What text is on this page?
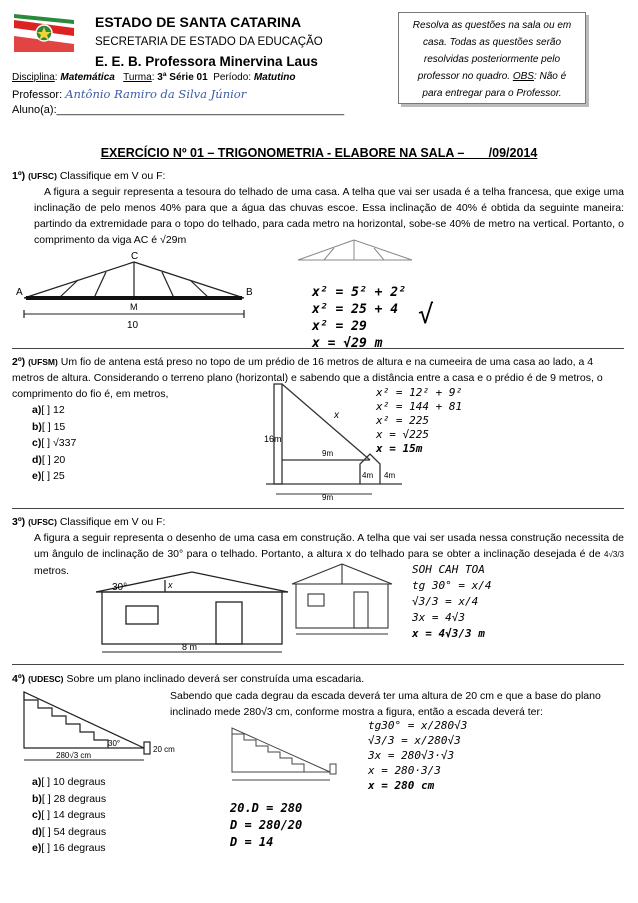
ESTADO DE SANTA CATARINA
SECRETARIA DE ESTADO DA EDUCAÇÃO
E. E. B. Professora Minervina Laus
Disciplina: Matemática Turma: 3ª Série 01 Período: Matutino
Professor: Antônio Ramiro da Silva Júnior
Aluno(a):_______________________________________________
Resolva as questões na sala ou em
casa. Todas as questões serão
resolvidas posteriormente pelo
professor no quadro. OBS: Não é
para entregar para o Professor.
EXERCÍCIO Nº 01 – TRIGONOMETRIA - ELABORE NA SALA – ___/09/2014
1º) (UFSC) Classifique em V ou F:
A figura a seguir representa a tesoura do telhado de uma casa. A telha que vai ser usada é a telha francesa, que exige uma inclinação de pelo menos 40% para que a água das chuvas escoe. Essa inclinação de 40% é obtida da seguinte maneira: partindo da extremidade para o topo do telhado, para cada metro na horizontal, sobe-se 40% de metro na vertical. Portanto, o comprimento da viga AC é √29m
C
A	B
M
10
x² = 5² + 2²
x² = 25 + 4
x² = 29
x = √29 m
√
2º) (UFSM) Um fio de antena está preso no topo de um prédio de 16 metros de altura e na cumeeira de uma casa ao lado, a 4 metros de altura. Considerando o terreno plano (horizontal) e sabendo que a distância entre a casa e o prédio é de 9 metros, o comprimento do fio é, em metros,
a)[ ] 12
b)[ ] 15
c)[ ] √337
d)[ ] 20
e)[ ] 25
16m
x
9m
9m
4m 4m
x² = 12² + 9²
x² = 144 + 81
x² = 225
x = √225
x = 15m
3º) (UFSC) Classifique em V ou F:
A figura a seguir representa o desenho de uma casa em construção. A telha que vai ser usada nessa construção necessita de um ângulo de inclinação de 30° para o telhado. Portanto, a altura x do telhado para se obter a inclinação desejada é de 4√3/3 metros.
30°	x
8 m
SOH CAH TOA
tg 30° = x/4
√3/3 = x/4
3x = 4√3
x = 4√3/3 m
4º) (UDESC) Sobre um plano inclinado deverá ser construída uma escadaria.
Sabendo que cada degrau da escada deverá ter uma altura de 20 cm e que a base do plano inclinado mede 280√3 cm, conforme mostra a figura, então a escada deverá ter:
30°
20 cm
280√3 cm
a)[ ] 10 degraus
b)[ ] 28 degraus
c)[ ] 14 degraus
d)[ ] 54 degraus
e)[ ] 16 degraus
tg30° = x/280√3
√3/3 = x/280√3
3x = 280√3·√3
x = 280·3/3
x = 280 cm
20.D = 280
D = 280/20
D = 14
